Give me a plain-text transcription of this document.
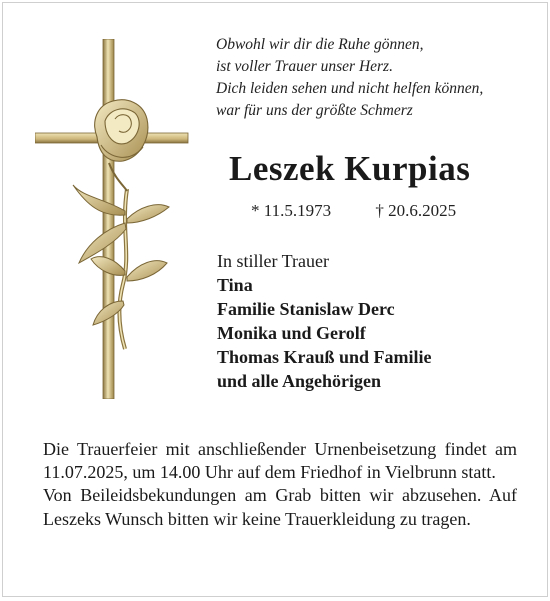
Obwohl wir dir die Ruhe gönnen,
ist voller Trauer unser Herz.
Dich leiden sehen und nicht helfen können,
war für uns der größte Schmerz
Leszek Kurpias
* 11.5.1973	† 20.6.2025
In stiller Trauer
Tina
Familie Stanislaw Derc
Monika und Gerolf
Thomas Krauß und Familie
und alle Angehörigen

Die Trauerfeier mit anschließender Urnenbeisetzung findet am 11.07.2025, um 14.00 Uhr auf dem Friedhof in Vielbrunn statt.

Von Beileidsbekundungen am Grab bitten wir abzusehen. Auf Leszeks Wunsch bitten wir keine Trauerkleidung zu tragen.
